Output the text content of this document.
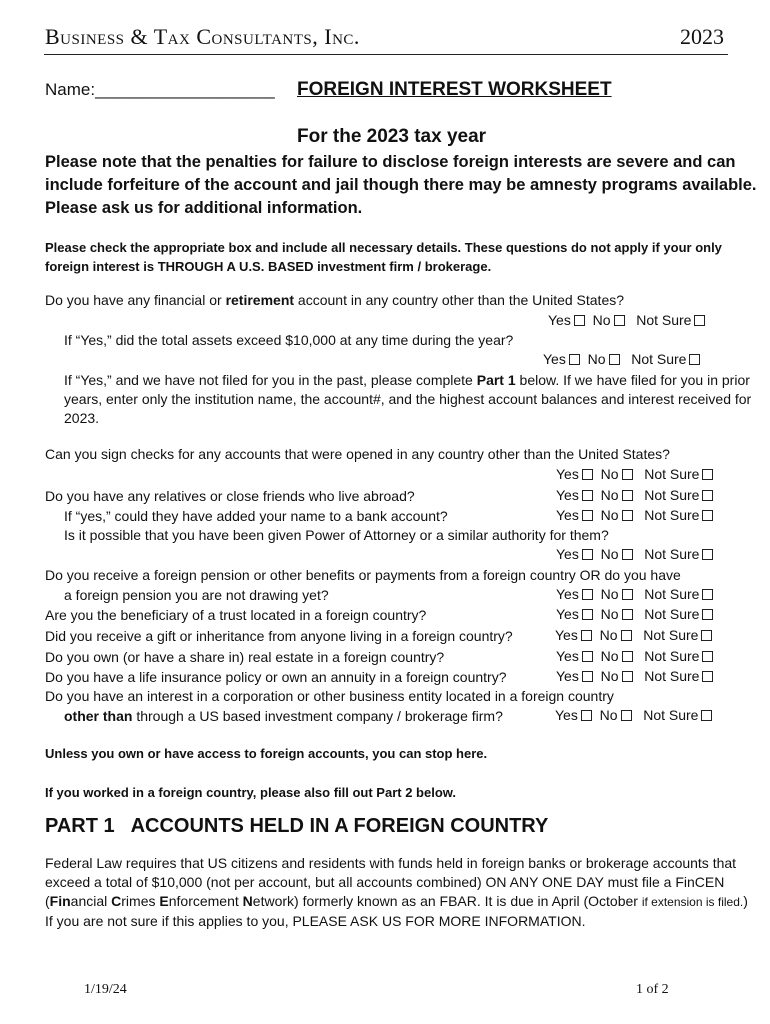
Business & Tax Consultants, Inc.	2023
Name:___________________ FOREIGN INTEREST WORKSHEET
For the 2023 tax year
Please note that the penalties for failure to disclose foreign interests are severe and can include forfeiture of the account and jail though there may be amnesty programs available. Please ask us for additional information.
Please check the appropriate box and include all necessary details. These questions do not apply if your only foreign interest is THROUGH A U.S. BASED investment firm / brokerage.
Do you have any financial or retirement account in any country other than the United States?
Yes No Not Sure
If “Yes,” did the total assets exceed $10,000 at any time during the year?
Yes No Not Sure
If “Yes,” and we have not filed for you in the past, please complete Part 1 below. If we have filed for you in prior years, enter only the institution name, the account#, and the highest account balances and interest received for 2023.
Can you sign checks for any accounts that were opened in any country other than the United States?
Yes No Not Sure
Do you have any relatives or close friends who live abroad?	Yes No Not Sure
If “yes,” could they have added your name to a bank account?	Yes No Not Sure
Is it possible that you have been given Power of Attorney or a similar authority for them?
Yes No Not Sure
Do you receive a foreign pension or other benefits or payments from a foreign country OR do you have
a foreign pension you are not drawing yet?	Yes No Not Sure
Are you the beneficiary of a trust located in a foreign country?	Yes No Not Sure
Did you receive a gift or inheritance from anyone living in a foreign country?	Yes No Not Sure
Do you own (or have a share in) real estate in a foreign country?	Yes No Not Sure
Do you have a life insurance policy or own an annuity in a foreign country?	Yes No Not Sure
Do you have an interest in a corporation or other business entity located in a foreign country
other than through a US based investment company / brokerage firm?	Yes No Not Sure
Unless you own or have access to foreign accounts, you can stop here.
If you worked in a foreign country, please also fill out Part 2 below.
PART 1   ACCOUNTS HELD IN A FOREIGN COUNTRY
Federal Law requires that US citizens and residents with funds held in foreign banks or brokerage accounts that exceed a total of $10,000 (not per account, but all accounts combined) ON ANY ONE DAY must file a FinCEN (Financial Crimes Enforcement Network) formerly known as an FBAR. It is due in April (October if extension is filed.) If you are not sure if this applies to you, PLEASE ASK US FOR MORE INFORMATION.
1/19/24	1 of 2
